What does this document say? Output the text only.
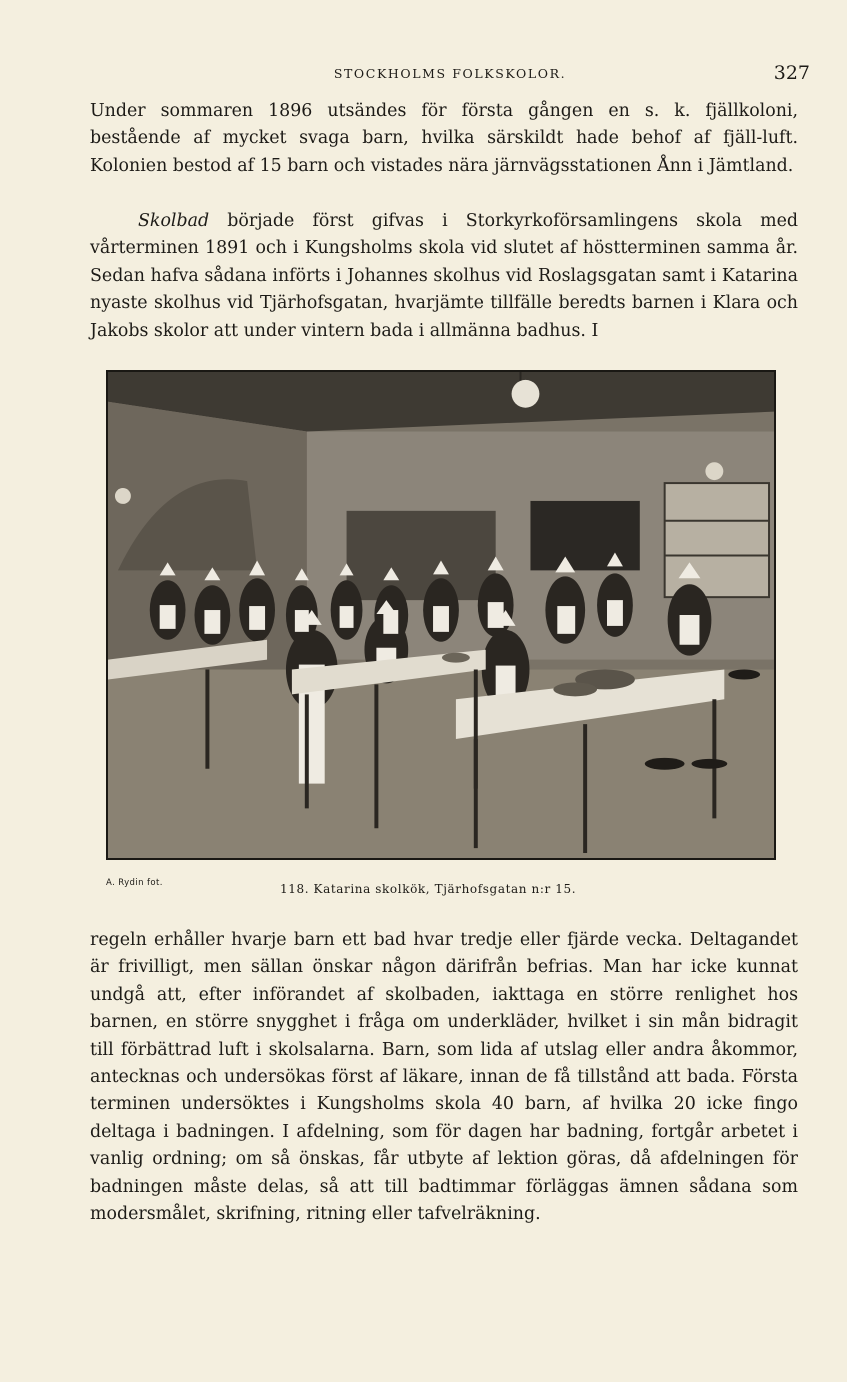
STOCKHOLMS FOLKSKOLOR.	327

Under sommaren 1896 utsändes för första gången en s. k. fjällkoloni, bestående af mycket svaga barn, hvilka särskildt hade behof af fjäll-luft. Kolonien bestod af 15 barn och vistades nära järnvägsstationen Ånn i Jämtland.

Skolbad började först gifvas i Storkyrkoförsamlingens skola med vårterminen 1891 och i Kungsholms skola vid slutet af höstterminen samma år. Sedan hafva sådana införts i Johannes skolhus vid Roslagsgatan samt i Katarina nyaste skolhus vid Tjärhofsgatan, hvarjämte tillfälle beredts barnen i Klara och Jakobs skolor att under vintern bada i allmänna badhus. I

A. Rydin fot.	118. Katarina skolkök, Tjärhofsgatan n:r 15.

regeln erhåller hvarje barn ett bad hvar tredje eller fjärde vecka. Deltagandet är frivilligt, men sällan önskar någon därifrån befrias. Man har icke kunnat undgå att, efter införandet af skolbaden, iakttaga en större renlighet hos barnen, en större snygghet i fråga om underkläder, hvilket i sin mån bidragit till förbättrad luft i skolsalarna. Barn, som lida af utslag eller andra åkommor, antecknas och undersökas först af läkare, innan de få tillstånd att bada. Första terminen undersöktes i Kungsholms skola 40 barn, af hvilka 20 icke fingo deltaga i badningen. I afdelning, som för dagen har badning, fortgår arbetet i vanlig ordning; om så önskas, får utbyte af lektion göras, då afdelningen för badningen måste delas, så att till badtimmar förläggas ämnen sådana som modersmålet, skrifning, ritning eller tafvelräkning.
